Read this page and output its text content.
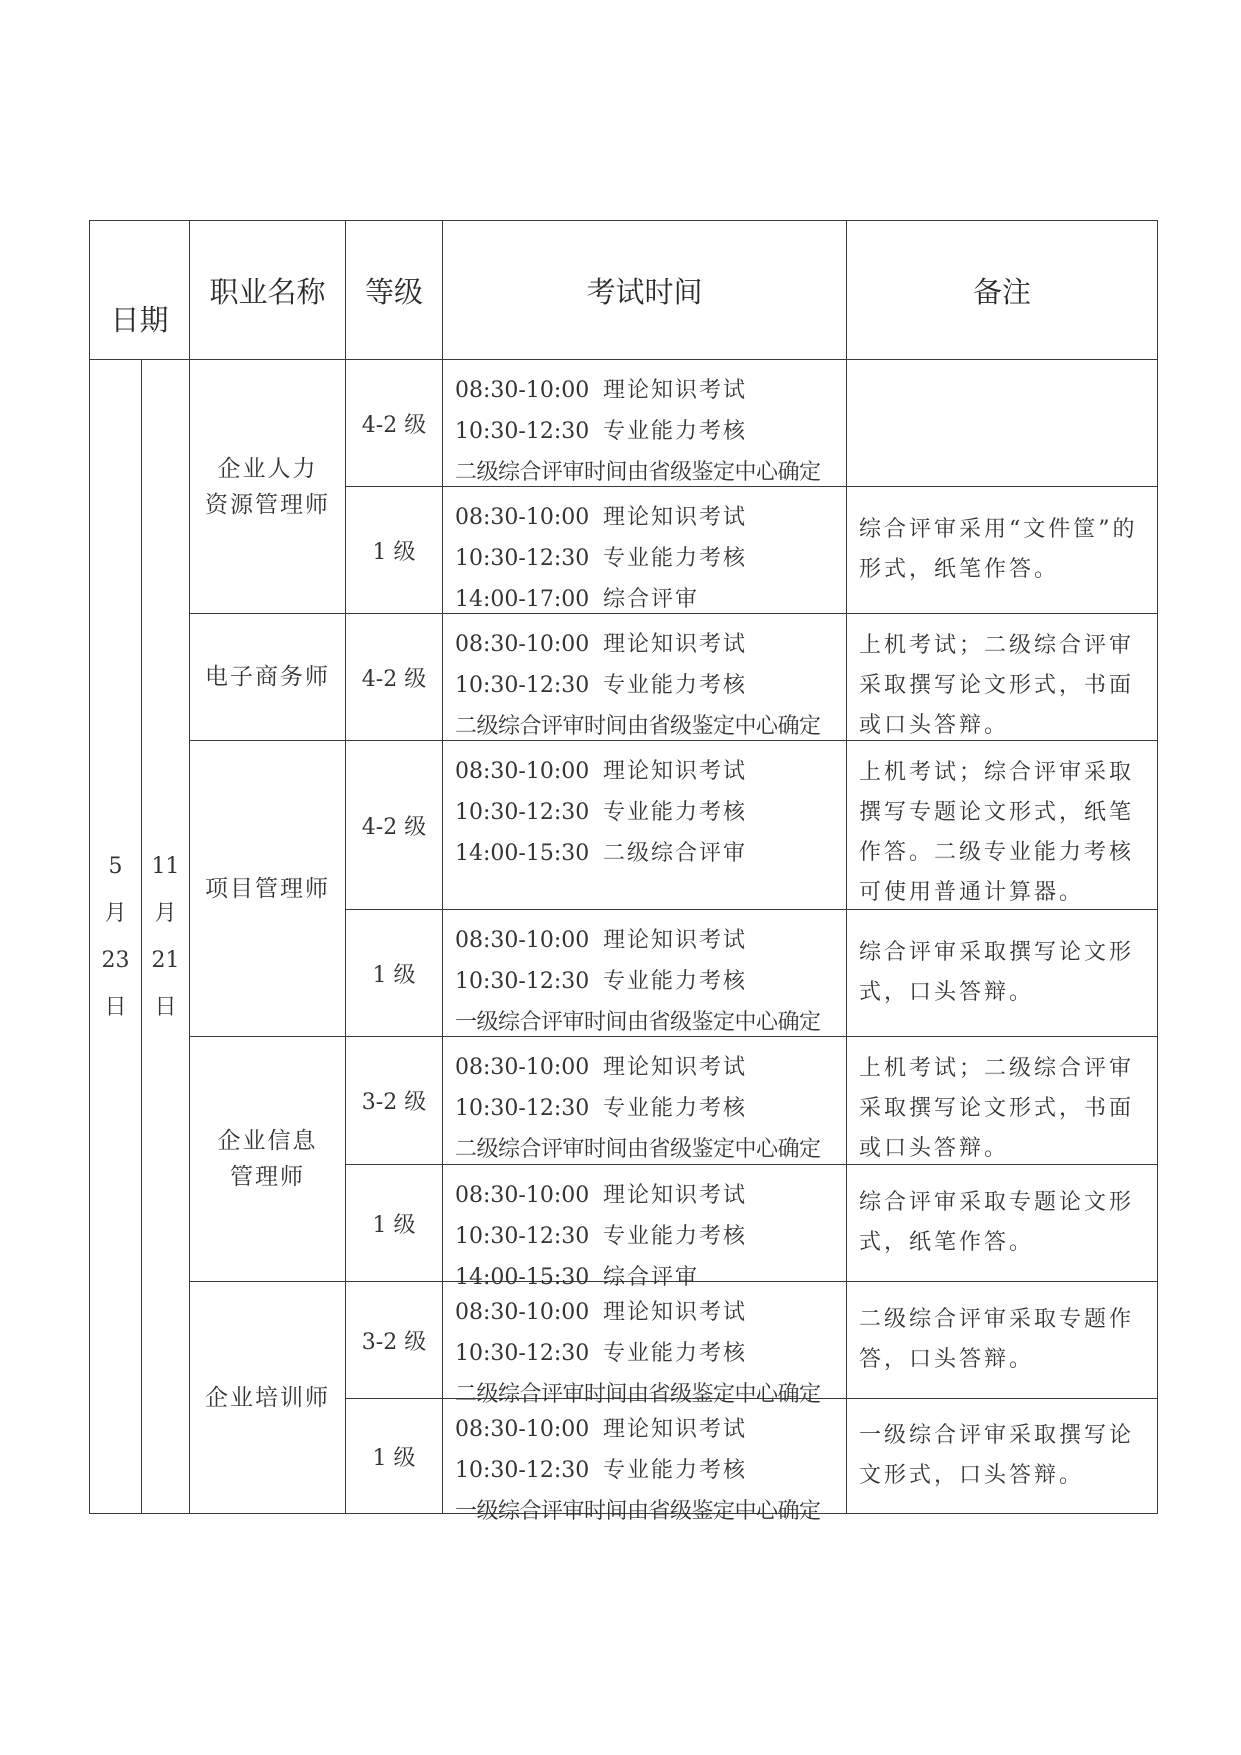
日期
职业名称 等级	考试时间	备注
5
月
23
日
11
月
21
日
企业人力
资源管理师
4-2 级
08:30-10:00 理论知识考试
10:30-12:30 专业能力考核
二级综合评审时间由省级鉴定中心确定
1 级
08:30-10:00 理论知识考试
10:30-12:30 专业能力考核
14:00-17:00 综合评审
综合评审采用“文件筐”的形式，纸笔作答。
电子商务师 4-2 级
08:30-10:00 理论知识考试
10:30-12:30 专业能力考核
二级综合评审时间由省级鉴定中心确定
上机考试；二级综合评审采取撰写论文形式，书面或口头答辩。
项目管理师
4-2 级
08:30-10:00 理论知识考试
10:30-12:30 专业能力考核
14:00-15:30 二级综合评审
上机考试；综合评审采取撰写专题论文形式，纸笔作答。二级专业能力考核可使用普通计算器。
1 级
08:30-10:00 理论知识考试
10:30-12:30 专业能力考核
一级综合评审时间由省级鉴定中心确定
综合评审采取撰写论文形式，口头答辩。
企业信息
管理师
3-2 级
08:30-10:00 理论知识考试
10:30-12:30 专业能力考核
二级综合评审时间由省级鉴定中心确定
上机考试；二级综合评审采取撰写论文形式，书面或口头答辩。
1 级
08:30-10:00 理论知识考试
10:30-12:30 专业能力考核
14:00-15:30 综合评审
综合评审采取专题论文形式，纸笔作答。
企业培训师
3-2 级
08:30-10:00 理论知识考试
10:30-12:30 专业能力考核
二级综合评审时间由省级鉴定中心确定
二级综合评审采取专题作答，口头答辩。
1 级
08:30-10:00 理论知识考试
10:30-12:30 专业能力考核
一级综合评审时间由省级鉴定中心确定
一级综合评审采取撰写论文形式，口头答辩。
